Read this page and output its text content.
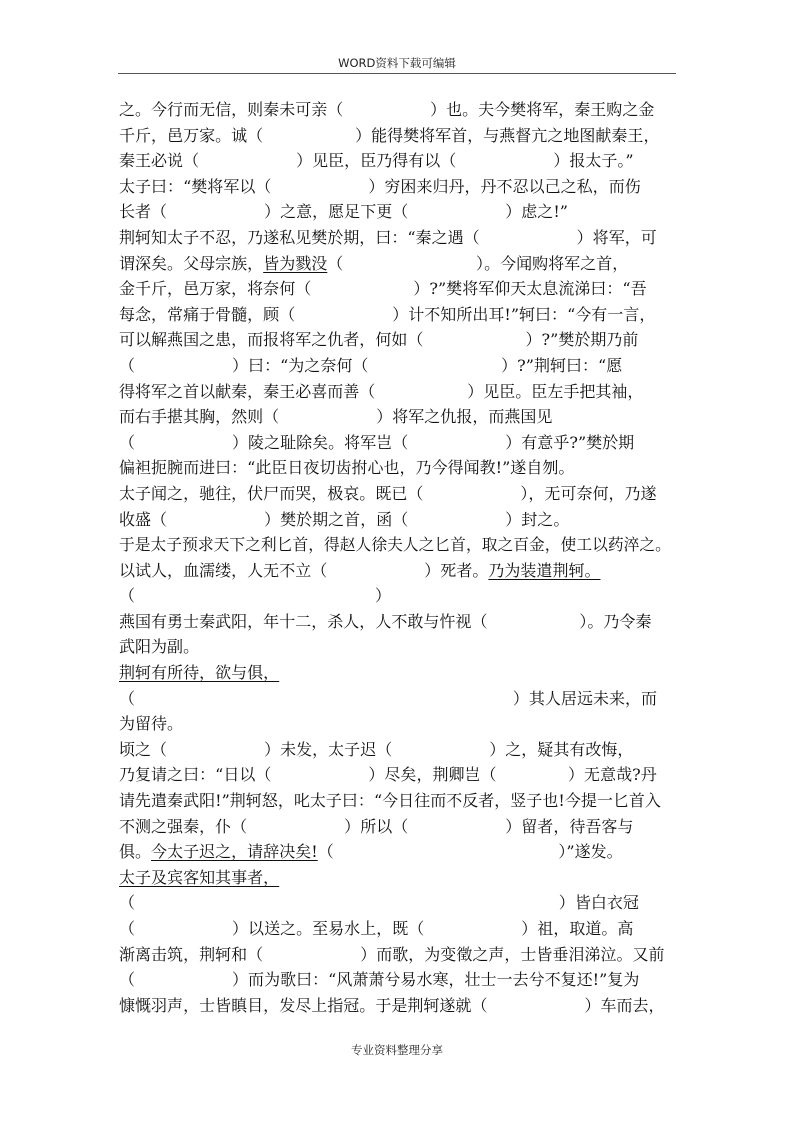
WORD资料下载可编辑
之。今行而无信，则秦未可亲（                 ）也。夫今樊将军，秦王购之金
千斤，邑万家。诚（                  ）能得樊将军首，与燕督亢之地图献秦王，
秦王必说（                   ）见臣，臣乃得有以（                   ）报太子。”
太子曰：“樊将军以（                   ）穷困来归丹，丹不忍以己之私，而伤
长者（                   ）之意，愿足下更（                   ）虑之!”
荆轲知太子不忍，乃遂私见樊於期，曰：“秦之遇（                   ）将军，可
谓深矣。父母宗族，皆为戮没（                          ）。今闻购将军之首，
金千斤，邑万家，将奈何（                    ）?”樊将军仰天太息流涕曰：“吾
每念，常痛于骨髓，顾（                   ）计不知所出耳!”轲曰：“今有一言，
可以解燕国之患，而报将军之仇者，何如（                    ）?”樊於期乃前
（                   ）曰：“为之奈何（                          ）?”荆轲曰：“愿
得将军之首以献秦，秦王必喜而善（                  ）见臣。臣左手把其袖，
而右手揕其胸，然则（                   ）将军之仇报，而燕国见
（                   ）陵之耻除矣。将军岂（                   ）有意乎?”樊於期
偏袒扼腕而进曰：“此臣日夜切齿拊心也，乃今得闻教!”遂自刎。
太子闻之，驰往，伏尸而哭，极哀。既已（                   ），无可奈何，乃遂
收盛（                   ）樊於期之首，函（                   ）封之。
于是太子预求天下之利匕首，得赵人徐夫人之匕首，取之百金，使工以药淬之。
以试人，血濡缕，人无不立（                   ）死者。乃为装遣荆轲。
（                                               ）
燕国有勇士秦武阳，年十二，杀人，人不敢与忤视（                  ）。乃令秦
武阳为副。
荆轲有所待，欲与俱，
（                                                                          ）其人居远未来，而
为留待。
顷之（                   ）未发，太子迟（                   ）之，疑其有改悔，
乃复请之曰：“日以（                   ）尽矣，荆卿岂（              ）无意哉?丹
请先遣秦武阳!”荆轲怒，叱太子曰：“今日往而不反者，竖子也!今提一匕首入
不测之强秦，仆（                   ）所以（                   ）留者，待吾客与
俱。今太子迟之，请辞决矣!（                                            ）”遂发。
太子及宾客知其事者，
（                                                                                   ）皆白衣冠
（                   ）以送之。至易水上，既（                   ）祖，取道。高
渐离击筑，荆轲和（                   ）而歌，为变徵之声，士皆垂泪涕泣。又前
（                   ）而为歌曰：“风萧萧兮易水寒，壮士一去兮不复还!”复为
慷慨羽声，士皆瞋目，发尽上指冠。于是荆轲遂就（                   ）车而去，
专业资料整理分享
